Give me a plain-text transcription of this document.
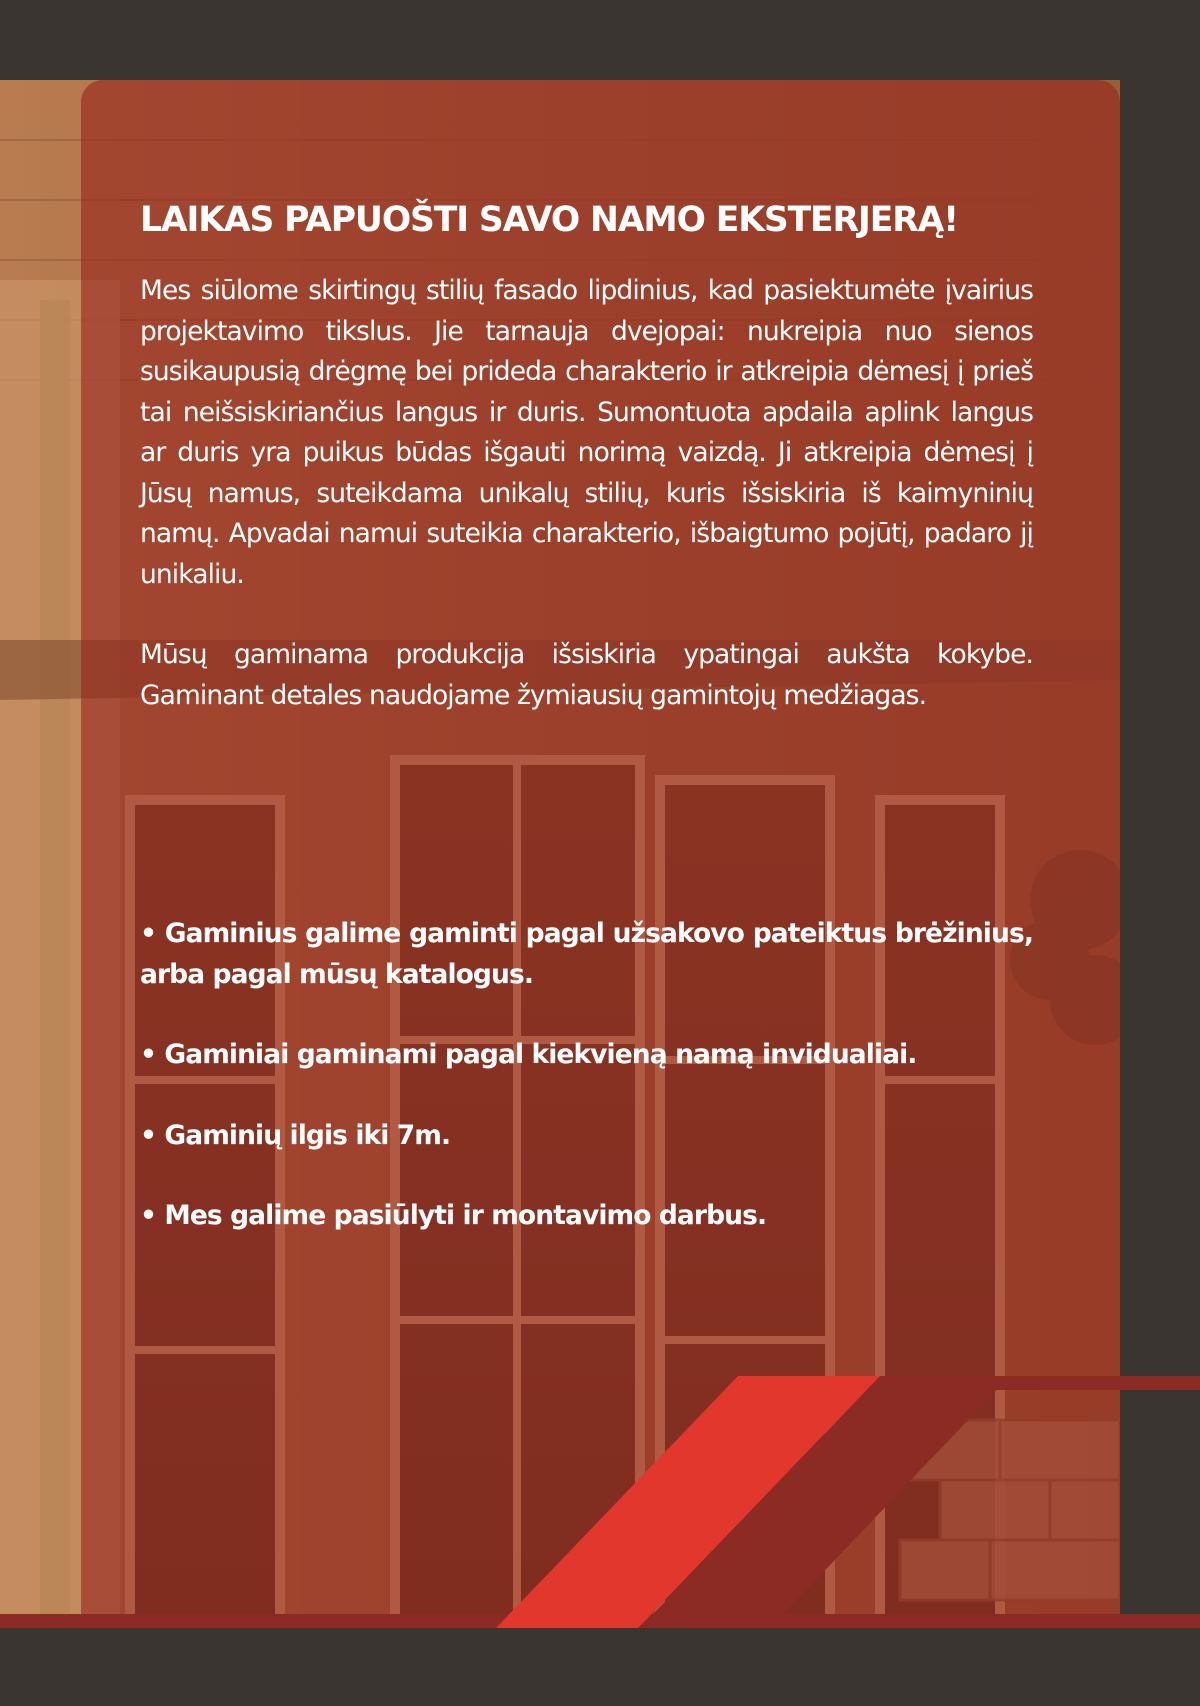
LAIKAS PAPUOŠTI SAVO NAMO EKSTERJERĄ!

Mes siūlome skirtingų stilių fasado lipdinius, kad pasiektumėte įvairius projektavimo tikslus. Jie tarnauja dvejopai: nukreipia nuo sienos susikaupusią drėgmę bei prideda charakterio ir atkreipia dėmesį į prieš tai neišsiskiriančius langus ir duris. Sumontuota apdaila aplink langus ar duris yra puikus būdas išgauti norimą vaizdą. Ji atkreipia dėmesį į Jūsų namus, suteikdama unikalų stilių, kuris išsiskiria iš kaimyninių namų. Apvadai namui suteikia charakterio, išbaigtumo pojūtį, padaro jį unikaliu.

Mūsų gaminama produkcija išsiskiria ypatingai aukšta kokybe. Gaminant detales naudojame žymiausių gamintojų medžiagas.

• Gaminius galime gaminti pagal užsakovo pateiktus brėžinius, arba pagal mūsų katalogus.

• Gaminiai gaminami pagal kiekvieną namą invidualiai.

• Gaminių ilgis iki 7m.

• Mes galime pasiūlyti ir montavimo darbus.
